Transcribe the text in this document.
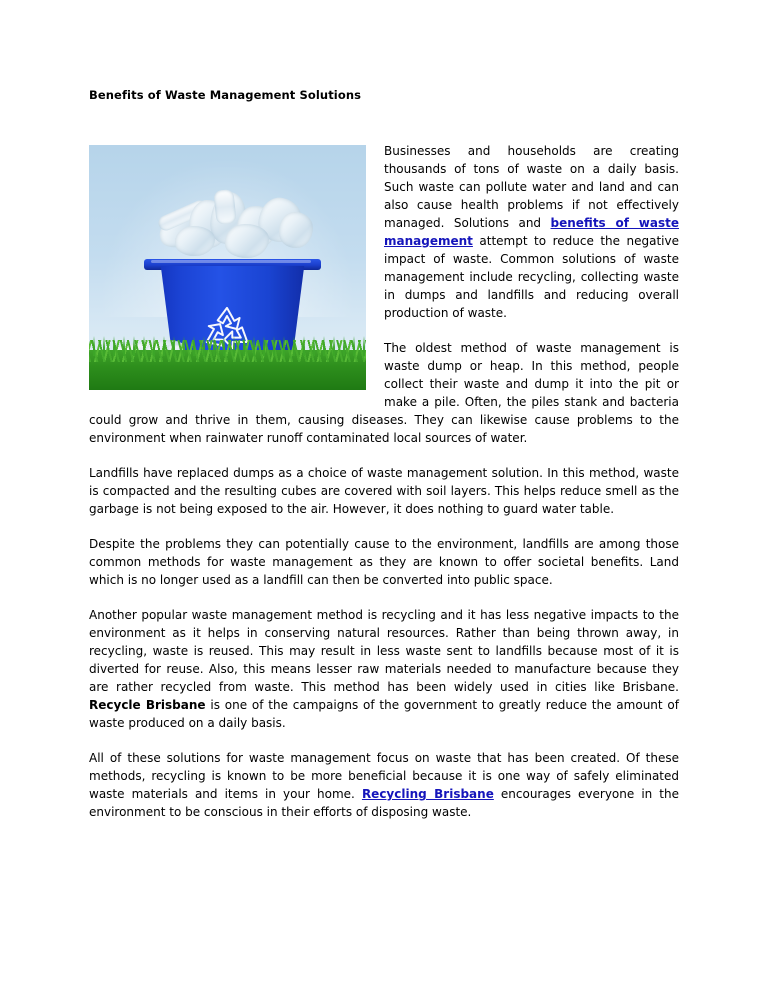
Benefits of Waste Management Solutions

Businesses and households are creating thousands of tons of waste on a daily basis. Such waste can pollute water and land and can also cause health problems if not effectively managed. Solutions and benefits of waste management attempt to reduce the negative impact of waste. Common solutions of waste management include recycling, collecting waste in dumps and landfills and reducing overall production of waste.

The oldest method of waste management is waste dump or heap. In this method, people collect their waste and dump it into the pit or make a pile. Often, the piles stank and bacteria could grow and thrive in them, causing diseases. They can likewise cause problems to the environment when rainwater runoff contaminated local sources of water.

Landfills have replaced dumps as a choice of waste management solution. In this method, waste is compacted and the resulting cubes are covered with soil layers. This helps reduce smell as the garbage is not being exposed to the air. However, it does nothing to guard water table.

Despite the problems they can potentially cause to the environment, landfills are among those common methods for waste management as they are known to offer societal benefits. Land which is no longer used as a landfill can then be converted into public space.

Another popular waste management method is recycling and it has less negative impacts to the environment as it helps in conserving natural resources. Rather than being thrown away, in recycling, waste is reused. This may result in less waste sent to landfills because most of it is diverted for reuse. Also, this means lesser raw materials needed to manufacture because they are rather recycled from waste. This method has been widely used in cities like Brisbane. Recycle Brisbane is one of the campaigns of the government to greatly reduce the amount of waste produced on a daily basis.

All of these solutions for waste management focus on waste that has been created. Of these methods, recycling is known to be more beneficial because it is one way of safely eliminated waste materials and items in your home. Recycling Brisbane encourages everyone in the environment to be conscious in their efforts of disposing waste.
